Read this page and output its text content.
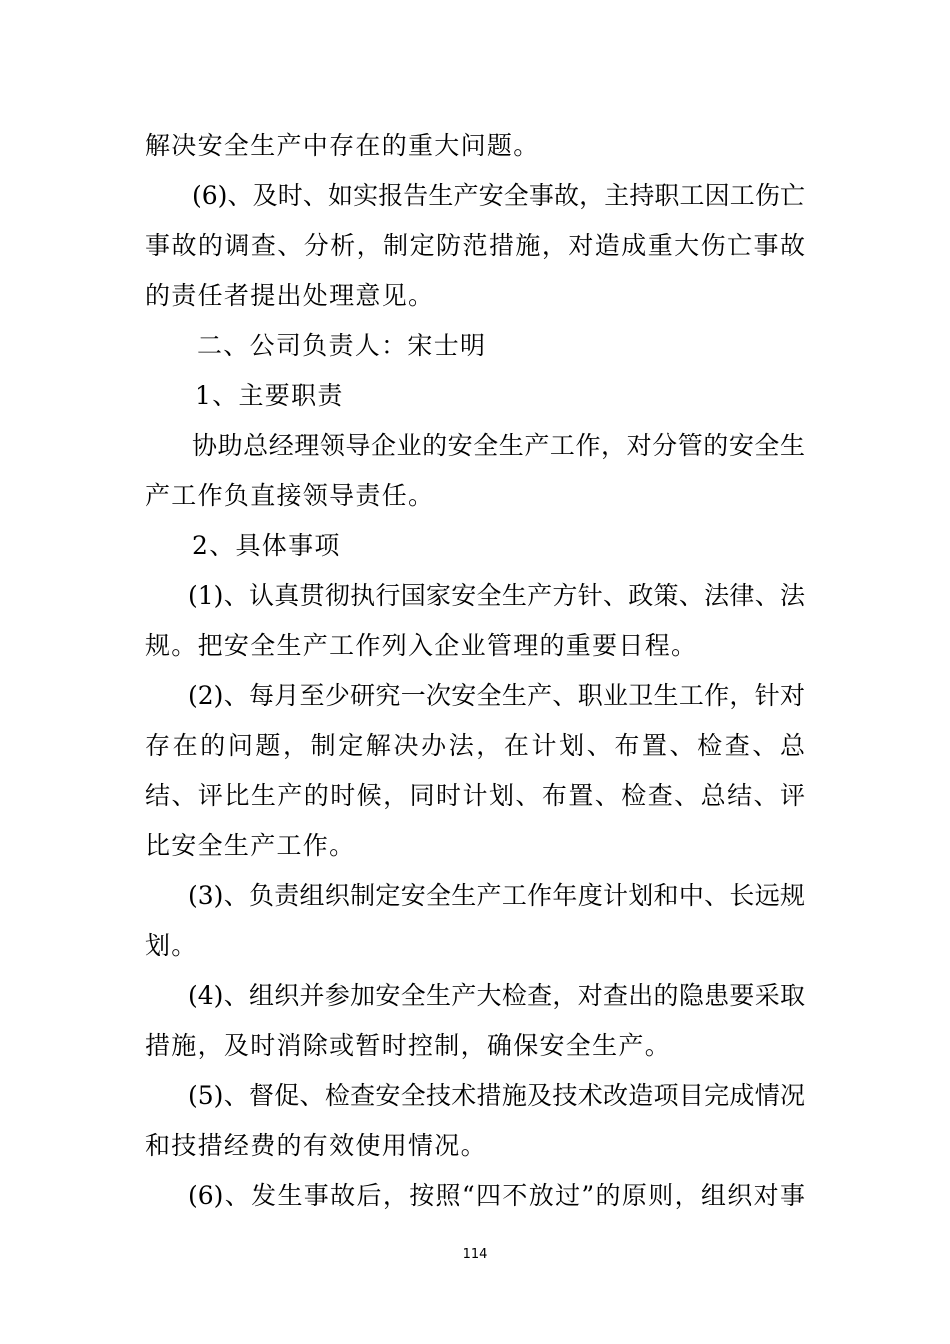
解决安全生产中存在的重大问题。
(6)、及时、如实报告生产安全事故，主持职工因工伤亡
事故的调查、分析，制定防范措施，对造成重大伤亡事故
的责任者提出处理意见。
二、公司负责人：宋士明
1、主要职责
协助总经理领导企业的安全生产工作，对分管的安全生
产工作负直接领导责任。
2、具体事项
(1)、认真贯彻执行国家安全生产方针、政策、法律、法
规。把安全生产工作列入企业管理的重要日程。
(2)、每月至少研究一次安全生产、职业卫生工作，针对
存在的问题，制定解决办法，在计划、布置、检查、总
结、评比生产的时候，同时计划、布置、检查、总结、评
比安全生产工作。
(3)、负责组织制定安全生产工作年度计划和中、长远规
划。
(4)、组织并参加安全生产大检查，对查出的隐患要采取
措施，及时消除或暂时控制，确保安全生产。
(5)、督促、检查安全技术措施及技术改造项目完成情况
和技措经费的有效使用情况。
(6)、发生事故后，按照“四不放过”的原则，组织对事
114
